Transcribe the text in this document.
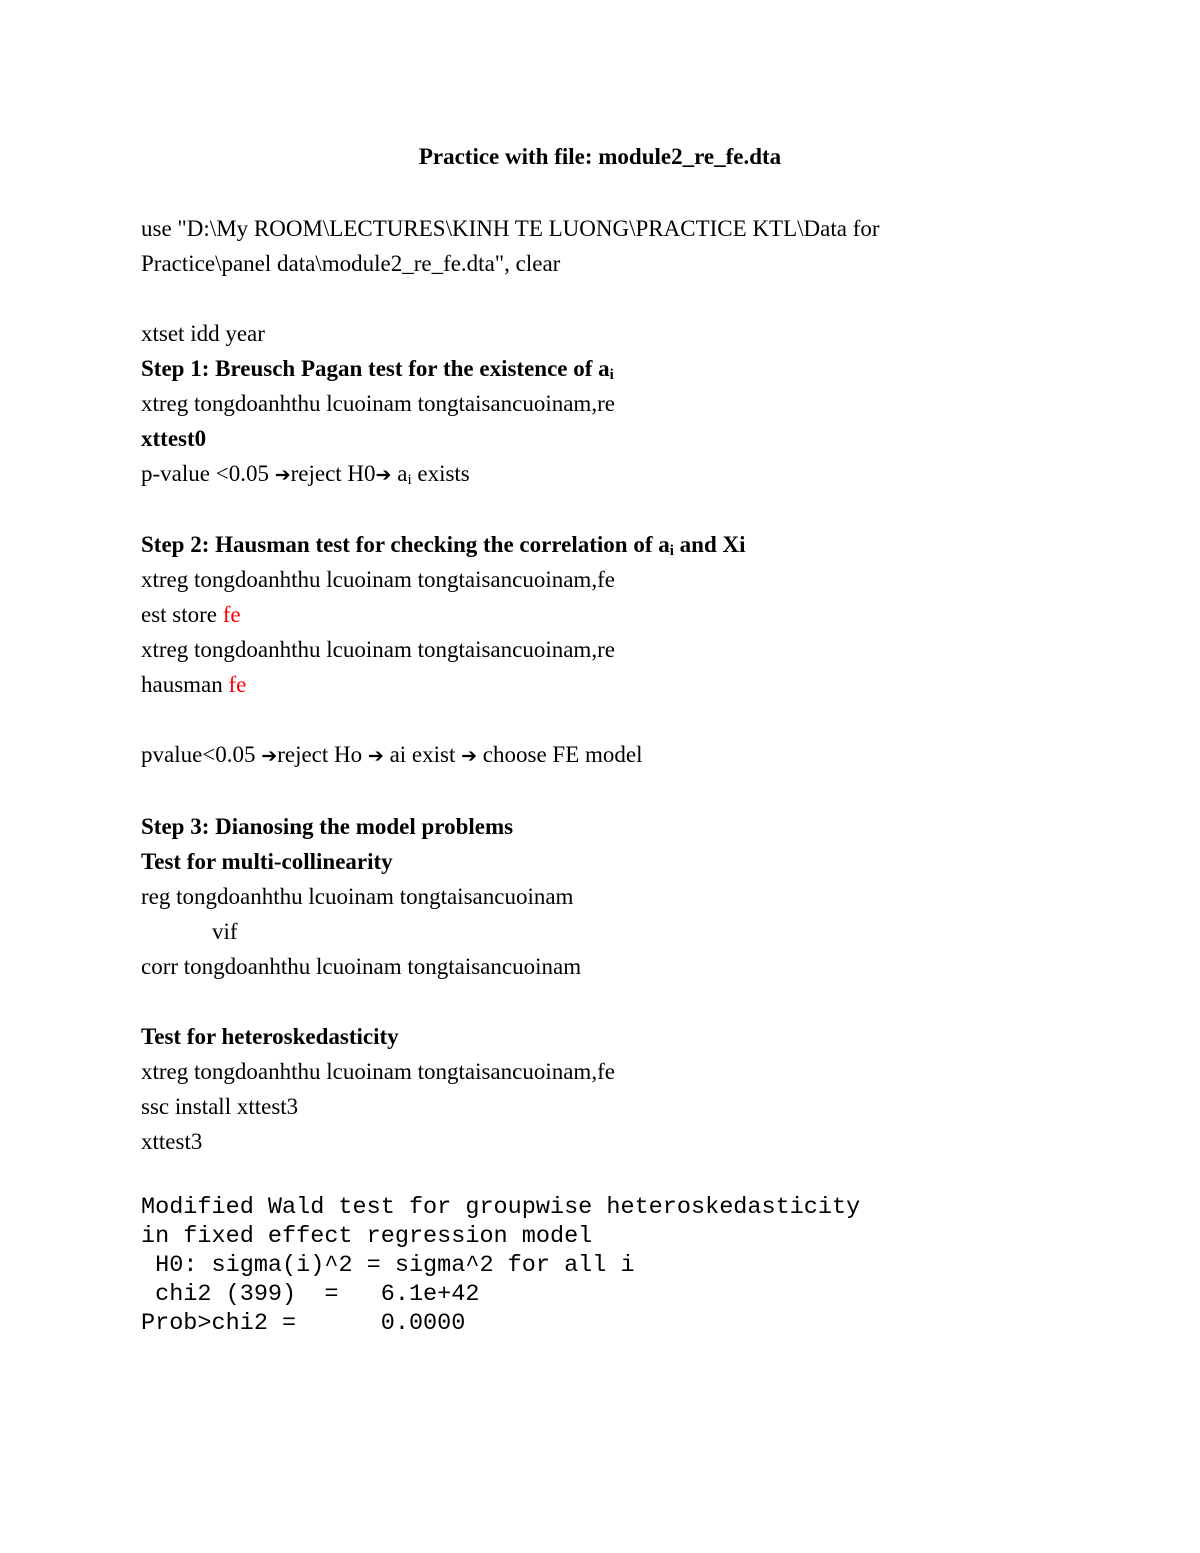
Practice with file: module2_re_fe.dta

use "D:\My ROOM\LECTURES\KINH TE LUONG\PRACTICE KTL\Data for

Practice\panel data\module2_re_fe.dta", clear

xtset idd year

Step 1: Breusch Pagan test for the existence of $a_i$

xtreg tongdoanhthu lcuoinam tongtaisancuoinam,re

xttest0

p-value <0.05 ➔reject H0➔ $a_i$ exists

Step 2: Hausman test for checking the correlation of $a_i$ and Xi

xtreg tongdoanhthu lcuoinam tongtaisancuoinam,fe

est store fe

xtreg tongdoanhthu lcuoinam tongtaisancuoinam,re

hausman fe

pvalue<0.05 ➔reject Ho ➔ ai exist ➔ choose FE model

Step 3: Dianosing the model problems

Test for multi-collinearity

reg tongdoanhthu lcuoinam tongtaisancuoinam

vif

corr tongdoanhthu lcuoinam tongtaisancuoinam

Test for heteroskedasticity

xtreg tongdoanhthu lcuoinam tongtaisancuoinam,fe

ssc install xttest3

xttest3

Modified Wald test for groupwise heteroskedasticity

in fixed effect regression model

H0: sigma(i)^2 = sigma^2 for all i

chi2 (399)  =   6.1e+42

Prob>chi2 =      0.0000
